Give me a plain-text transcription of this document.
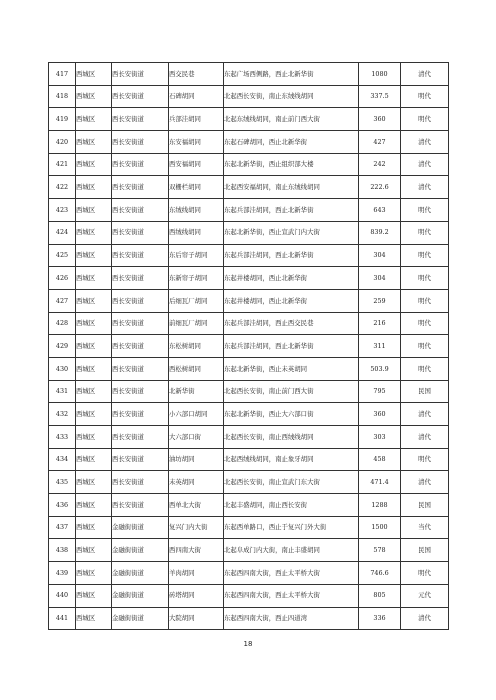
417	西城区	西长安街道	西交民巷	东起广场西侧路，西止北新华街	1080	清代
418	西城区	西长安街道	石碑胡同	北起西长安街，南止东绒线胡同	337.5	明代
419	西城区	西长安街道	兵部洼胡同	北起东绒线胡同，南止前门西大街	360	明代
420	西城区	西长安街道	东安福胡同	东起石碑胡同，西止北新华街	427	清代
421	西城区	西长安街道	西安福胡同	东起北新华街，西止组织部大楼	242	清代
422	西城区	西长安街道	双栅栏胡同	北起西安福胡同，南止东绒线胡同	222.6	清代
423	西城区	西长安街道	东绒线胡同	东起兵部洼胡同，西止北新华街	643	明代
424	西城区	西长安街道	西绒线胡同	东起北新华街，西止宣武门内大街	839.2	明代
425	西城区	西长安街道	东后帘子胡同	东起兵部洼胡同，西止北新华街	304	明代
426	西城区	西长安街道	东新帘子胡同	东起井楼胡同，西止北新华街	304	明代
427	西城区	西长安街道	后细瓦厂胡同	东起井楼胡同，西止北新华街	259	明代
428	西城区	西长安街道	前细瓦厂胡同	东起兵部洼胡同，西止西交民巷	216	明代
429	西城区	西长安街道	东松树胡同	东起兵部洼胡同，西止北新华街	311	明代
430	西城区	西长安街道	西松树胡同	东起北新华街，西止未英胡同	503.9	明代
431	西城区	西长安街道	北新华街	北起西长安街，南止前门西大街	795	民国
432	西城区	西长安街道	小六部口胡同	东起北新华街，西止大六部口街	360	清代
433	西城区	西长安街道	大六部口街	北起西长安街，南止西绒线胡同	303	清代
434	西城区	西长安街道	油坊胡同	北起西绒线胡同，南止象牙胡同	458	明代
435	西城区	西长安街道	未英胡同	北起西长安街，南止宣武门东大街	471.4	清代
436	西城区	西长安街道	西单北大街	北起丰盛胡同，南止西长安街	1288	民国
437	西城区	金融街街道	复兴门内大街	东起西单路口，西止于复兴门外大街	1500	当代
438	西城区	金融街街道	西四南大街	北起阜成门内大街，南止丰盛胡同	578	民国
439	西城区	金融街街道	羊肉胡同	东起西四南大街，西止太平桥大街	746.6	明代
440	西城区	金融街街道	砖塔胡同	东起西四南大街，西止太平桥大街	805	元代
441	西城区	金融街街道	大院胡同	东起西四南大街，西止四道湾	336	清代
18
